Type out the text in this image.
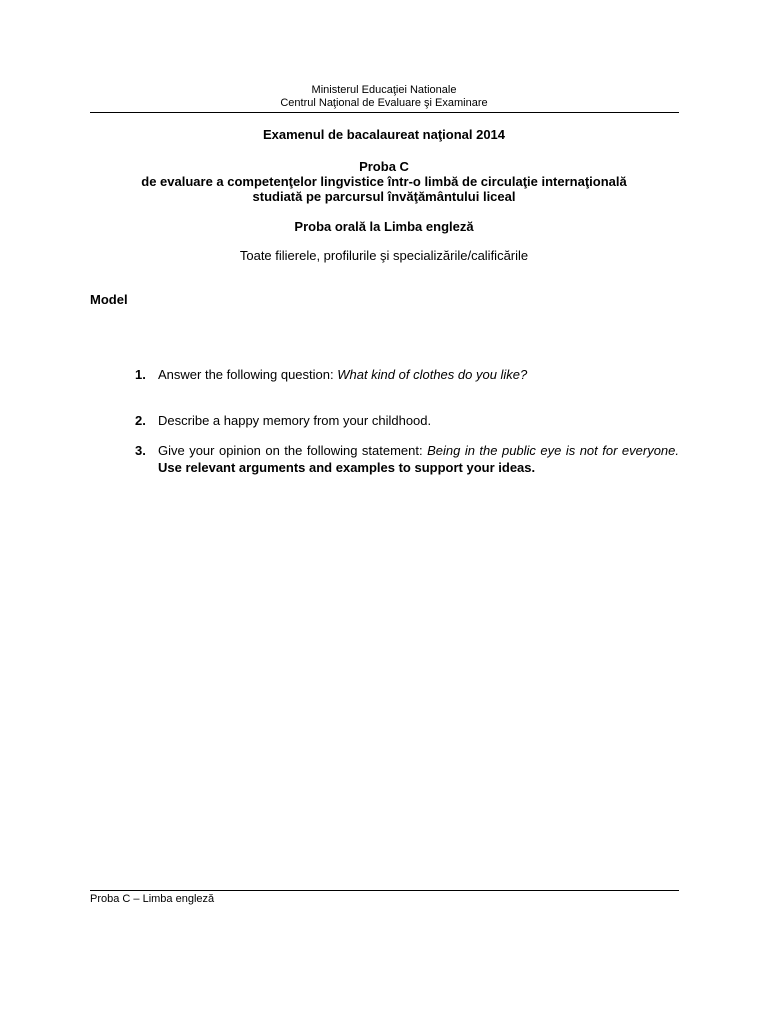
Ministerul Educaţiei Nationale
Centrul Naţional de Evaluare şi Examinare
Examenul de bacalaureat naţional 2014
Proba C
de evaluare a competenţelor lingvistice într-o limbă de circulaţie internaţională
studiată pe parcursul învăţământului liceal
Proba orală la Limba engleză
Toate filierele, profilurile şi specializările/calificările
Model
1. Answer the following question: What kind of clothes do you like?
2. Describe a happy memory from your childhood.
3. Give your opinion on the following statement: Being in the public eye is not for everyone. Use relevant arguments and examples to support your ideas.
Proba C – Limba engleză
